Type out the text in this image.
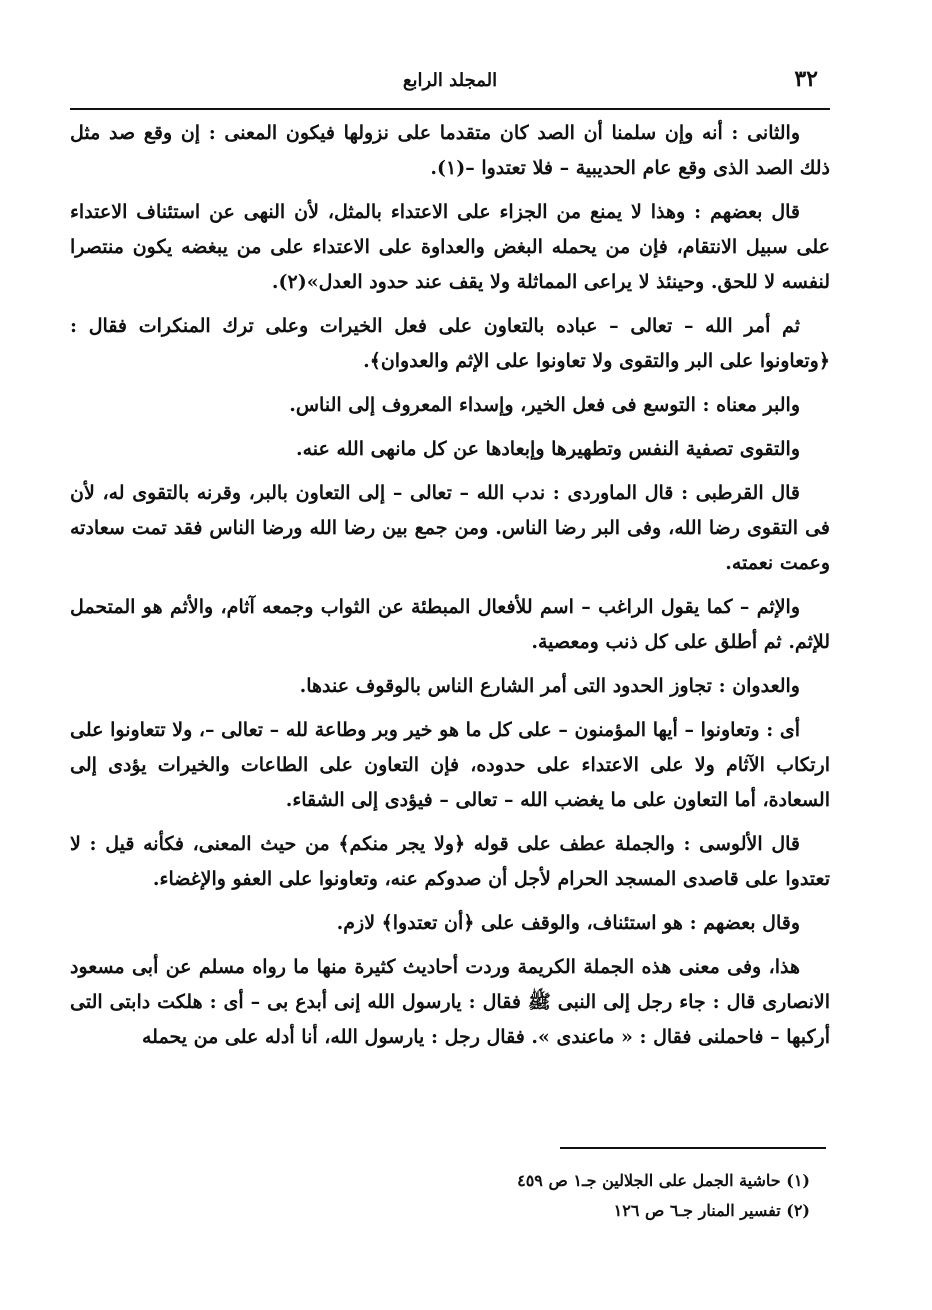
٣٢
المجلد الرابع

والثانى : أنه وإن سلمنا أن الصد كان متقدما على نزولها فيكون المعنى : إن وقع صد مثل ذلك الصد الذى وقع عام الحديبية – فلا تعتدوا –(١).

قال بعضهم : وهذا لا يمنع من الجزاء على الاعتداء بالمثل، لأن النهى عن استئناف الاعتداء على سبيل الانتقام، فإن من يحمله البغض والعداوة على الاعتداء على من يبغضه يكون منتصرا لنفسه لا للحق. وحينئذ لا يراعى المماثلة ولا يقف عند حدود العدل»(٢).

ثم أمر الله – تعالى – عباده بالتعاون على فعل الخيرات وعلى ترك المنكرات فقال : ﴿وتعاونوا على البر والتقوى ولا تعاونوا على الإثم والعدوان﴾.

والبر معناه : التوسع فى فعل الخير، وإسداء المعروف إلى الناس.

والتقوى تصفية النفس وتطهيرها وإبعادها عن كل مانهى الله عنه.

قال القرطبى : قال الماوردى : ندب الله – تعالى – إلى التعاون بالبر، وقرنه بالتقوى له، لأن فى التقوى رضا الله، وفى البر رضا الناس. ومن جمع بين رضا الله ورضا الناس فقد تمت سعادته وعمت نعمته.

والإثم – كما يقول الراغب – اسم للأفعال المبطئة عن الثواب وجمعه آثام، والأثم هو المتحمل للإثم. ثم أطلق على كل ذنب ومعصية.

والعدوان : تجاوز الحدود التى أمر الشارع الناس بالوقوف عندها.

أى : وتعاونوا – أيها المؤمنون – على كل ما هو خير وبر وطاعة لله – تعالى –، ولا تتعاونوا على ارتكاب الآثام ولا على الاعتداء على حدوده، فإن التعاون على الطاعات والخيرات يؤدى إلى السعادة، أما التعاون على ما يغضب الله – تعالى – فيؤدى إلى الشقاء.

قال الألوسى : والجملة عطف على قوله ﴿ولا يجر منكم﴾ من حيث المعنى، فكأنه قيل : لا تعتدوا على قاصدى المسجد الحرام لأجل أن صدوكم عنه، وتعاونوا على العفو والإغضاء.

وقال بعضهم : هو استئناف، والوقف على ﴿أن تعتدوا﴾ لازم.

هذا، وفى معنى هذه الجملة الكريمة وردت أحاديث كثيرة منها ما رواه مسلم عن أبى مسعود الانصارى قال : جاء رجل إلى النبى ﷺ فقال : يارسول الله إنى أبدع بى – أى : هلكت دابتى التى أركبها – فاحملنى فقال : « ماعندى ». فقال رجل : يارسول الله، أنا أدله على من يحمله

(١) حاشية الجمل على الجلالين جـ١ ص ٤٥٩
(٢) تفسير المنار جـ٦ ص ١٢٦
